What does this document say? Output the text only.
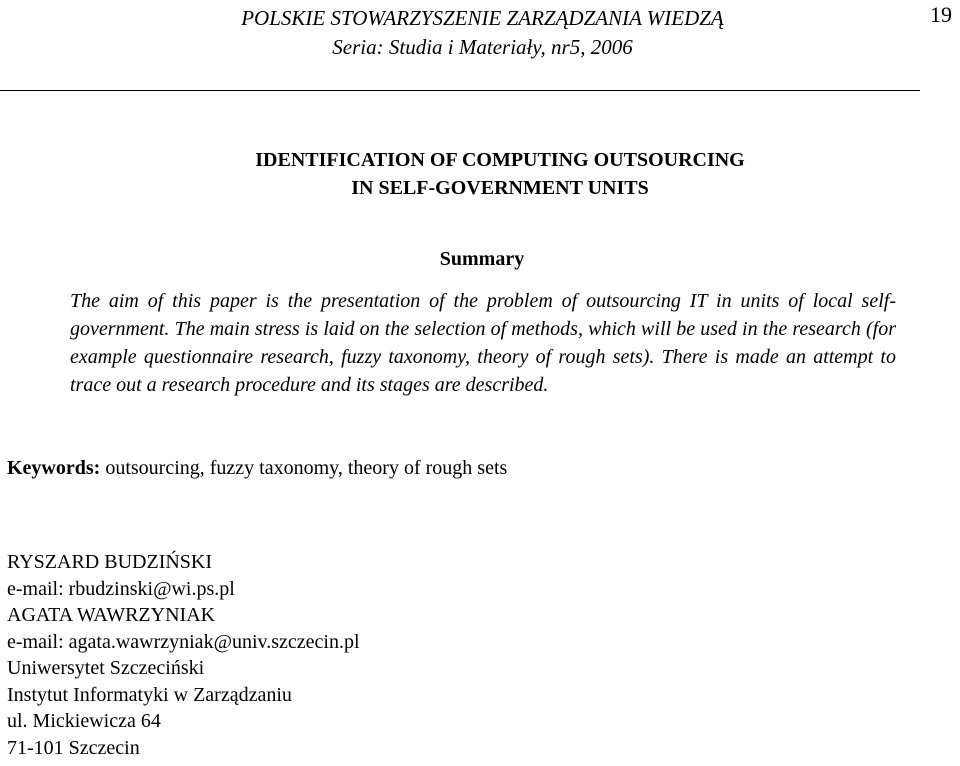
POLSKIE STOWARZYSZENIE ZARZĄDZANIA WIEDZĄ
Seria: Studia i Materiały, nr5, 2006
19
IDENTIFICATION OF COMPUTING OUTSOURCING
IN SELF-GOVERNMENT UNITS
Summary
The aim of this paper is the presentation of the problem of outsourcing IT in units of local self-government. The main stress is laid on the selection of methods, which will be used in the research (for example questionnaire research, fuzzy taxonomy, theory of rough sets). There is made an attempt to trace out a research procedure and its stages are described.
Keywords: outsourcing, fuzzy taxonomy, theory of rough sets
RYSZARD BUDZIŃSKI
e-mail: rbudzinski@wi.ps.pl
AGATA WAWRZYNIAK
e-mail: agata.wawrzyniak@univ.szczecin.pl
Uniwersytet Szczeciński
Instytut Informatyki w Zarządzaniu
ul. Mickiewicza 64
71-101 Szczecin
